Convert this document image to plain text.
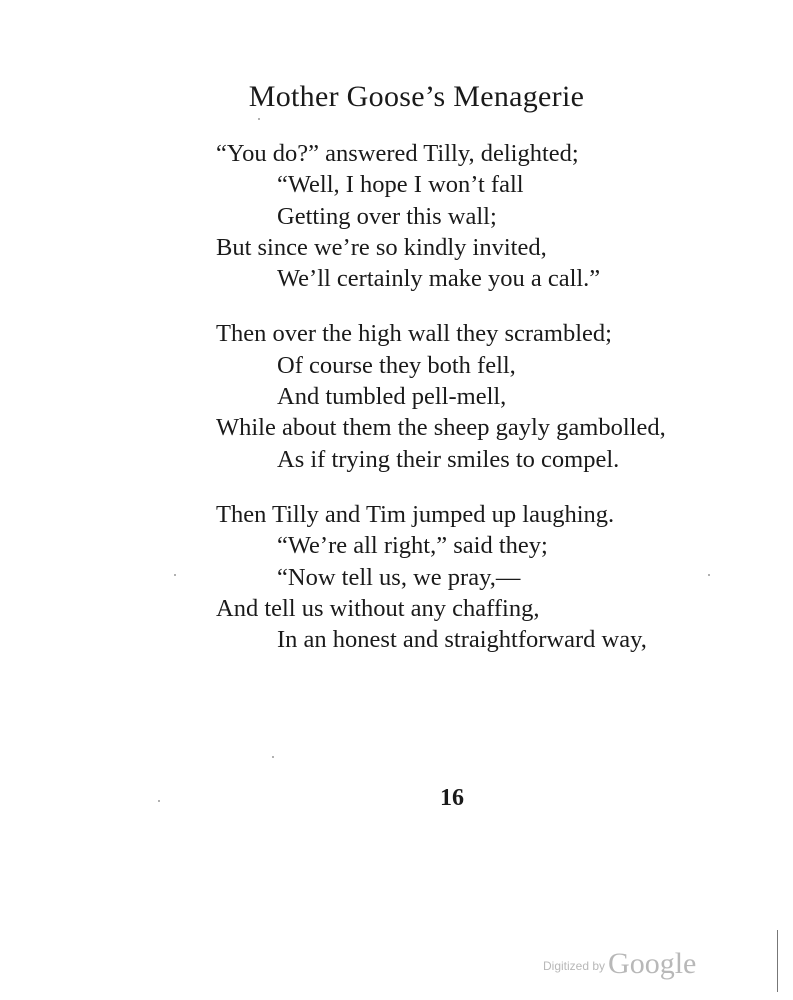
Mother Goose’s Menagerie
“You do?” answered Tilly, delighted;
“Well, I hope I won’t fall
Getting over this wall;
But since we’re so kindly invited,
We’ll certainly make you a call.”
Then over the high wall they scrambled;
Of course they both fell,
And tumbled pell-mell,
While about them the sheep gayly gambolled,
As if trying their smiles to compel.
Then Tilly and Tim jumped up laughing.
“We’re all right,” said they;
“Now tell us, we pray,—
And tell us without any chaffing,
In an honest and straightforward way,
16
Digitized by Google
